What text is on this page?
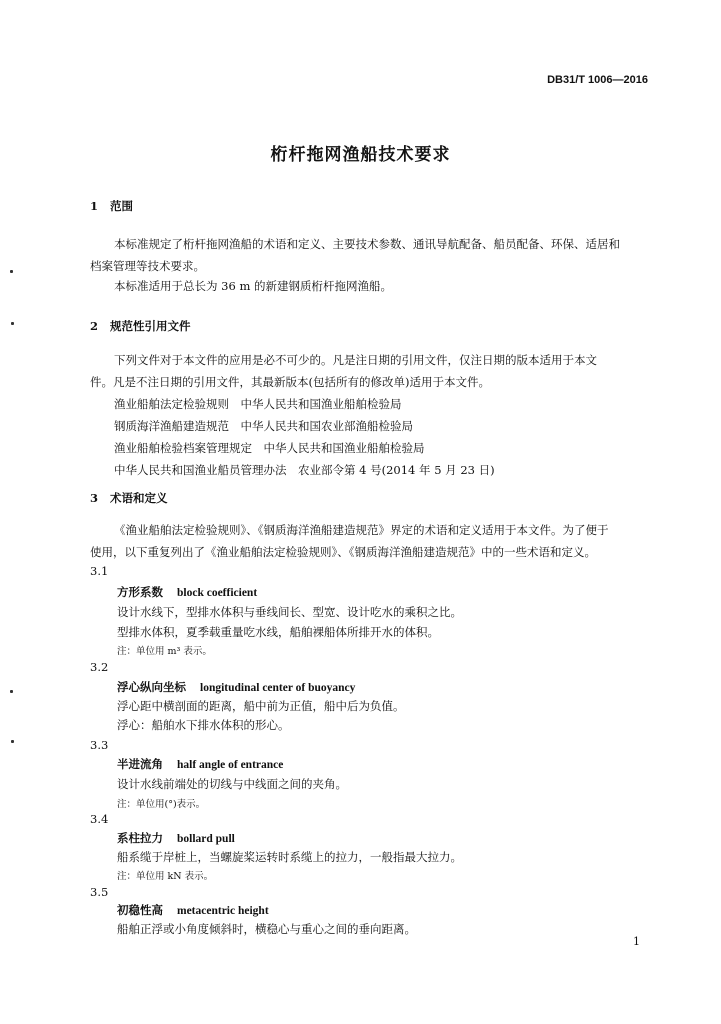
DB31/T 1006—2016
桁杆拖网渔船技术要求
1 范围
本标准规定了桁杆拖网渔船的术语和定义、主要技术参数、通讯导航配备、船员配备、环保、适居和
档案管理等技术要求。
本标准适用于总长为 36 m 的新建钢质桁杆拖网渔船。
2 规范性引用文件
下列文件对于本文件的应用是必不可少的。凡是注日期的引用文件，仅注日期的版本适用于本文
件。凡是不注日期的引用文件，其最新版本(包括所有的修改单)适用于本文件。
渔业船舶法定检验规则　中华人民共和国渔业船舶检验局
钢质海洋渔船建造规范　中华人民共和国农业部渔船检验局
渔业船舶检验档案管理规定　中华人民共和国渔业船舶检验局
中华人民共和国渔业船员管理办法　农业部令第 4 号(2014 年 5 月 23 日)
3 术语和定义
《渔业船舶法定检验规则》、《钢质海洋渔船建造规范》界定的术语和定义适用于本文件。为了便于
使用，以下重复列出了《渔业船舶法定检验规则》、《钢质海洋渔船建造规范》中的一些术语和定义。
3.1
方形系数 block coefficient
设计水线下，型排水体积与垂线间长、型宽、设计吃水的乘积之比。
型排水体积，夏季载重量吃水线，船舶裸船体所排开水的体积。
注：单位用 m³ 表示。
3.2
浮心纵向坐标 longitudinal center of buoyancy
浮心距中横剖面的距离，船中前为正值，船中后为负值。
浮心：船舶水下排水体积的形心。
3.3
半进流角 half angle of entrance
设计水线前端处的切线与中线面之间的夹角。
注：单位用(°)表示。
3.4
系柱拉力 bollard pull
船系缆于岸桩上，当螺旋桨运转时系缆上的拉力，一般指最大拉力。
注：单位用 kN 表示。
3.5
初稳性高 metacentric height
船舶正浮或小角度倾斜时，横稳心与重心之间的垂向距离。
1
